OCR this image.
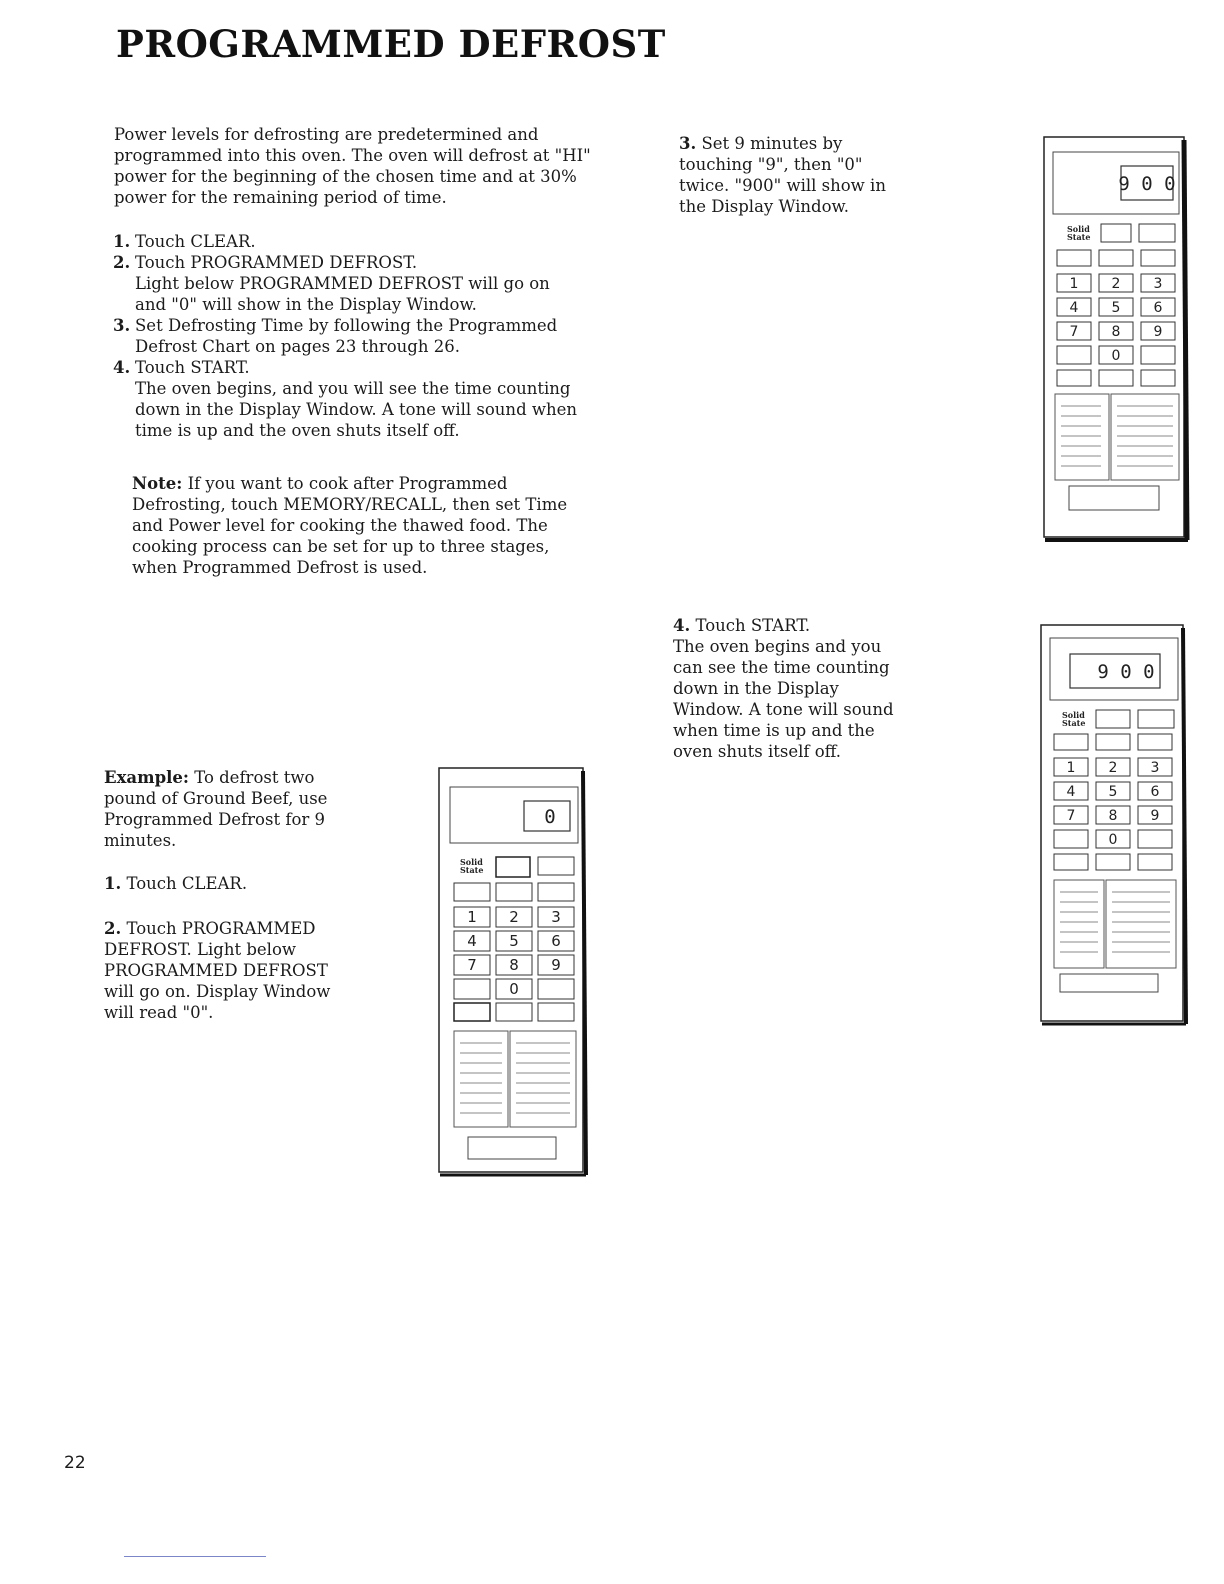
PROGRAMMED DEFROST
Power levels for defrosting are predetermined and programmed into this oven. The oven will defrost at "HI" power for the beginning of the chosen time and at 30% power for the remaining period of time.
1. Touch CLEAR.
2. Touch PROGRAMMED DEFROST.
Light below PROGRAMMED DEFROST will go on and "0" will show in the Display Window.
3. Set Defrosting Time by following the Programmed Defrost Chart on pages 23 through 26.
4. Touch START.
The oven begins, and you will see the time counting down in the Display Window. A tone will sound when time is up and the oven shuts itself off.
Note: If you want to cook after Programmed Defrosting, touch MEMORY/RECALL, then set Time and Power level for cooking the thawed food. The cooking process can be set for up to three stages, when Programmed Defrost is used.
Example: To defrost two pound of Ground Beef, use Programmed Defrost for 9 minutes.
1. Touch CLEAR.
2. Touch PROGRAMMED DEFROST. Light below PROGRAMMED DEFROST will go on. Display Window will read "0".
3. Set 9 minutes by touching "9", then "0" twice. "900" will show in the Display Window.
4. Touch START.
The oven begins and you can see the time counting down in the Display Window. A tone will sound when time is up and the oven shuts itself off.
9 0 0
Solid
State
1 2 3
4 5 6
7 8 9
0
9 0 0
Solid
State
1 2 3
4 5 6
7 8 9
0
0
Solid
State
1 2 3
4 5 6
7 8 9
0
22
